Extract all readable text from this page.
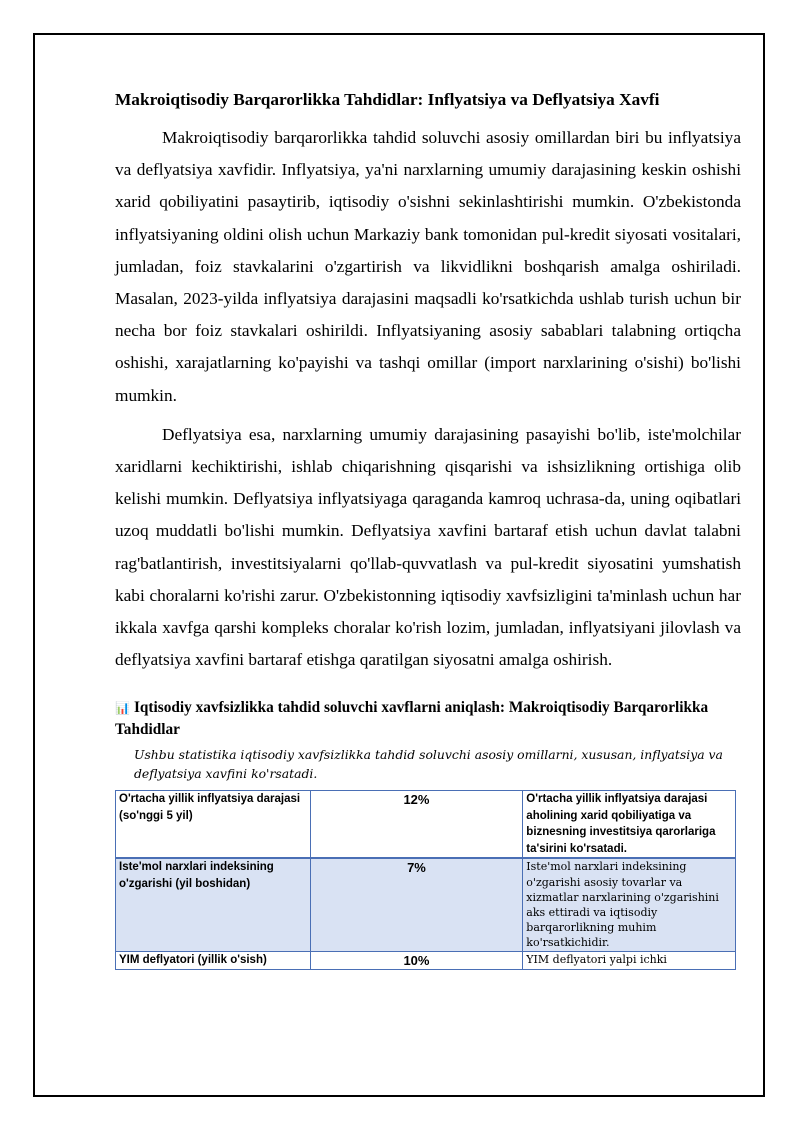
Makroiqtisodiy Barqarorlikka Tahdidlar: Inflyatsiya va Deflyatsiya Xavfi

Makroiqtisodiy barqarorlikka tahdid soluvchi asosiy omillardan biri bu inflyatsiya va deflyatsiya xavfidir. Inflyatsiya, ya'ni narxlarning umumiy darajasining keskin oshishi xarid qobiliyatini pasaytirib, iqtisodiy o'sishni sekinlashtirishi mumkin. O'zbekistonda inflyatsiyaning oldini olish uchun Markaziy bank tomonidan pul-kredit siyosati vositalari, jumladan, foiz stavkalarini o'zgartirish va likvidlikni boshqarish amalga oshiriladi. Masalan, 2023-yilda inflyatsiya darajasini maqsadli ko'rsatkichda ushlab turish uchun bir necha bor foiz stavkalari oshirildi. Inflyatsiyaning asosiy sabablari talabning ortiqcha oshishi, xarajatlarning ko'payishi va tashqi omillar (import narxlarining o'sishi) bo'lishi mumkin.

Deflyatsiya esa, narxlarning umumiy darajasining pasayishi bo'lib, iste'molchilar xaridlarni kechiktirishi, ishlab chiqarishning qisqarishi va ishsizlikning ortishiga olib kelishi mumkin. Deflyatsiya inflyatsiyaga qaraganda kamroq uchrasa-da, uning oqibatlari uzoq muddatli bo'lishi mumkin. Deflyatsiya xavfini bartaraf etish uchun davlat talabni rag'batlantirish, investitsiyalarni qo'llab-quvvatlash va pul-kredit siyosatini yumshatish kabi choralarni ko'rishi zarur. O'zbekistonning iqtisodiy xavfsizligini ta'minlash uchun har ikkala xavfga qarshi kompleks choralar ko'rish lozim, jumladan, inflyatsiyani jilovlash va deflyatsiya xavfini bartaraf etishga qaratilgan siyosatni amalga oshirish.

📊 Iqtisodiy xavfsizlikka tahdid soluvchi xavflarni aniqlash: Makroiqtisodiy Barqarorlikka Tahdidlar
Ushbu statistika iqtisodiy xavfsizlikka tahdid soluvchi asosiy omillarni, xususan, inflyatsiya va deflyatsiya xavfini ko'rsatadi.
O'rtacha yillik inflyatsiya darajasi (so'nggi 5 yil)	12%	O'rtacha yillik inflyatsiya darajasi aholining xarid qobiliyatiga va biznesning investitsiya qarorlariga ta'sirini ko'rsatadi.
Iste'mol narxlari indeksining o'zgarishi (yil boshidan)	7%	Iste'mol narxlari indeksining o'zgarishi asosiy tovarlar va xizmatlar narxlarining o'zgarishini aks ettiradi va iqtisodiy barqarorlikning muhim ko'rsatkichidir.
YIM deflyatori (yillik o'sish)	10%	YIM deflyatori yalpi ichki
